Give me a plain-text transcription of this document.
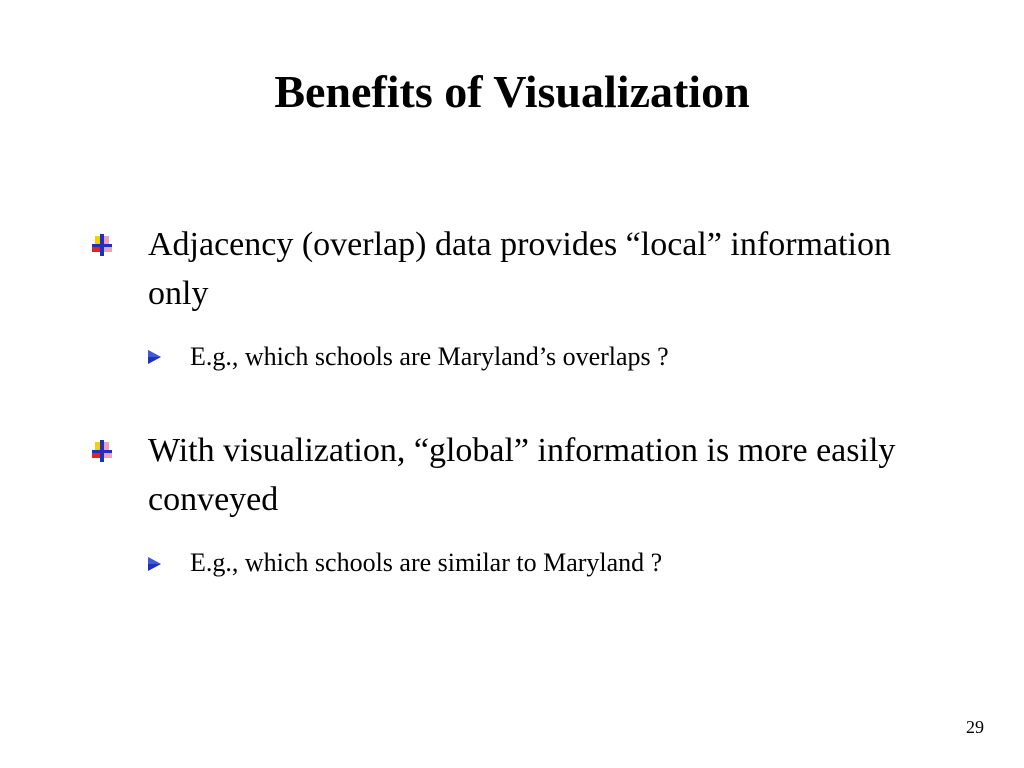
Benefits of Visualization
Adjacency (overlap) data provides “local” information only
E.g., which schools are Maryland’s overlaps ?
With visualization, “global” information is more easily conveyed
E.g., which schools are similar to Maryland ?
29
